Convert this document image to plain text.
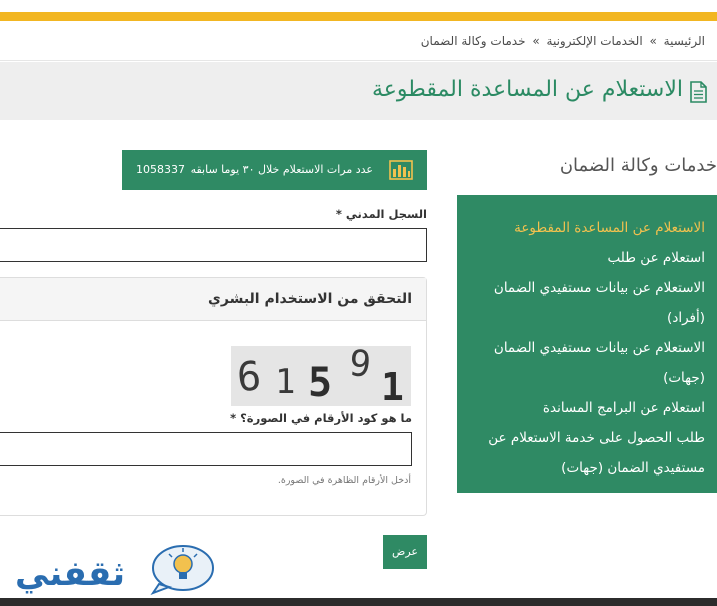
الرئيسية » الخدمات الإلكترونية » خدمات وكالة الضمان
الاستعلام عن المساعدة المقطوعة
خدمات وكالة الضمان
الاستعلام عن المساعدة المقطوعة
استعلام عن طلب
الاستعلام عن بيانات مستفيدي الضمان (أفراد)
الاستعلام عن بيانات مستفيدي الضمان (جهات)
استعلام عن البرامج المساندة
طلب الحصول على خدمة الاستعلام عن مستفيدي الضمان (جهات)
عدد مرات الاستعلام خلال ٣٠ يوما سابقه
1058337
السجل المدني *
التحقق من الاستخدام البشري
6 1 5 9
1
ما هو كود الأرقام في الصورة؟ *
أدخل الأرقام الظاهرة في الصورة.
عرض
ثقفني
